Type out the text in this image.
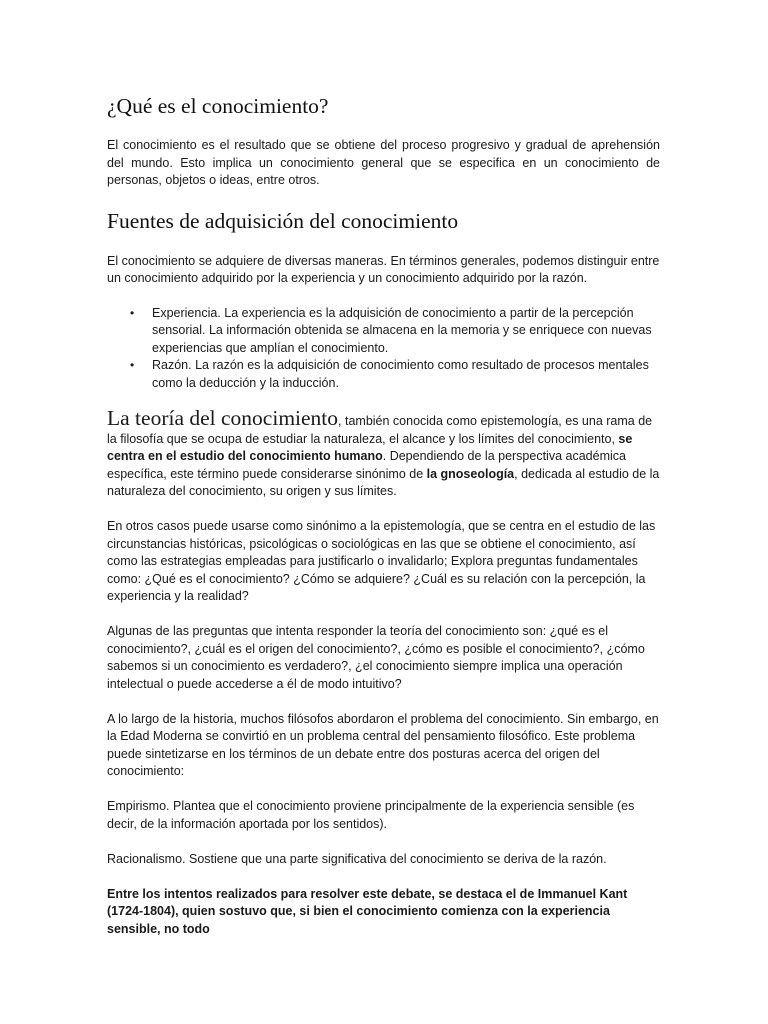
¿Qué es el conocimiento?

El conocimiento es el resultado que se obtiene del proceso progresivo y gradual de aprehensión del mundo. Esto implica un conocimiento general que se especifica en un conocimiento de personas, objetos o ideas, entre otros.

Fuentes de adquisición del conocimiento

El conocimiento se adquiere de diversas maneras. En términos generales, podemos distinguir entre un conocimiento adquirido por la experiencia y un conocimiento adquirido por la razón.

• Experiencia. La experiencia es la adquisición de conocimiento a partir de la percepción sensorial. La información obtenida se almacena en la memoria y se enriquece con nuevas experiencias que amplían el conocimiento.
• Razón. La razón es la adquisición de conocimiento como resultado de procesos mentales como la deducción y la inducción.

La teoría del conocimiento, también conocida como epistemología, es una rama de la filosofía que se ocupa de estudiar la naturaleza, el alcance y los límites del conocimiento, se centra en el estudio del conocimiento humano. Dependiendo de la perspectiva académica específica, este término puede considerarse sinónimo de la gnoseología, dedicada al estudio de la naturaleza del conocimiento, su origen y sus límites.

En otros casos puede usarse como sinónimo a la epistemología, que se centra en el estudio de las circunstancias históricas, psicológicas o sociológicas en las que se obtiene el conocimiento, así como las estrategias empleadas para justificarlo o invalidarlo; Explora preguntas fundamentales como: ¿Qué es el conocimiento? ¿Cómo se adquiere? ¿Cuál es su relación con la percepción, la experiencia y la realidad?

Algunas de las preguntas que intenta responder la teoría del conocimiento son: ¿qué es el conocimiento?, ¿cuál es el origen del conocimiento?, ¿cómo es posible el conocimiento?, ¿cómo sabemos si un conocimiento es verdadero?, ¿el conocimiento siempre implica una operación intelectual o puede accederse a él de modo intuitivo?

A lo largo de la historia, muchos filósofos abordaron el problema del conocimiento. Sin embargo, en la Edad Moderna se convirtió en un problema central del pensamiento filosófico. Este problema puede sintetizarse en los términos de un debate entre dos posturas acerca del origen del conocimiento:

Empirismo. Plantea que el conocimiento proviene principalmente de la experiencia sensible (es decir, de la información aportada por los sentidos).

Racionalismo. Sostiene que una parte significativa del conocimiento se deriva de la razón.

Entre los intentos realizados para resolver este debate, se destaca el de Immanuel Kant (1724-1804), quien sostuvo que, si bien el conocimiento comienza con la experiencia sensible, no todo
